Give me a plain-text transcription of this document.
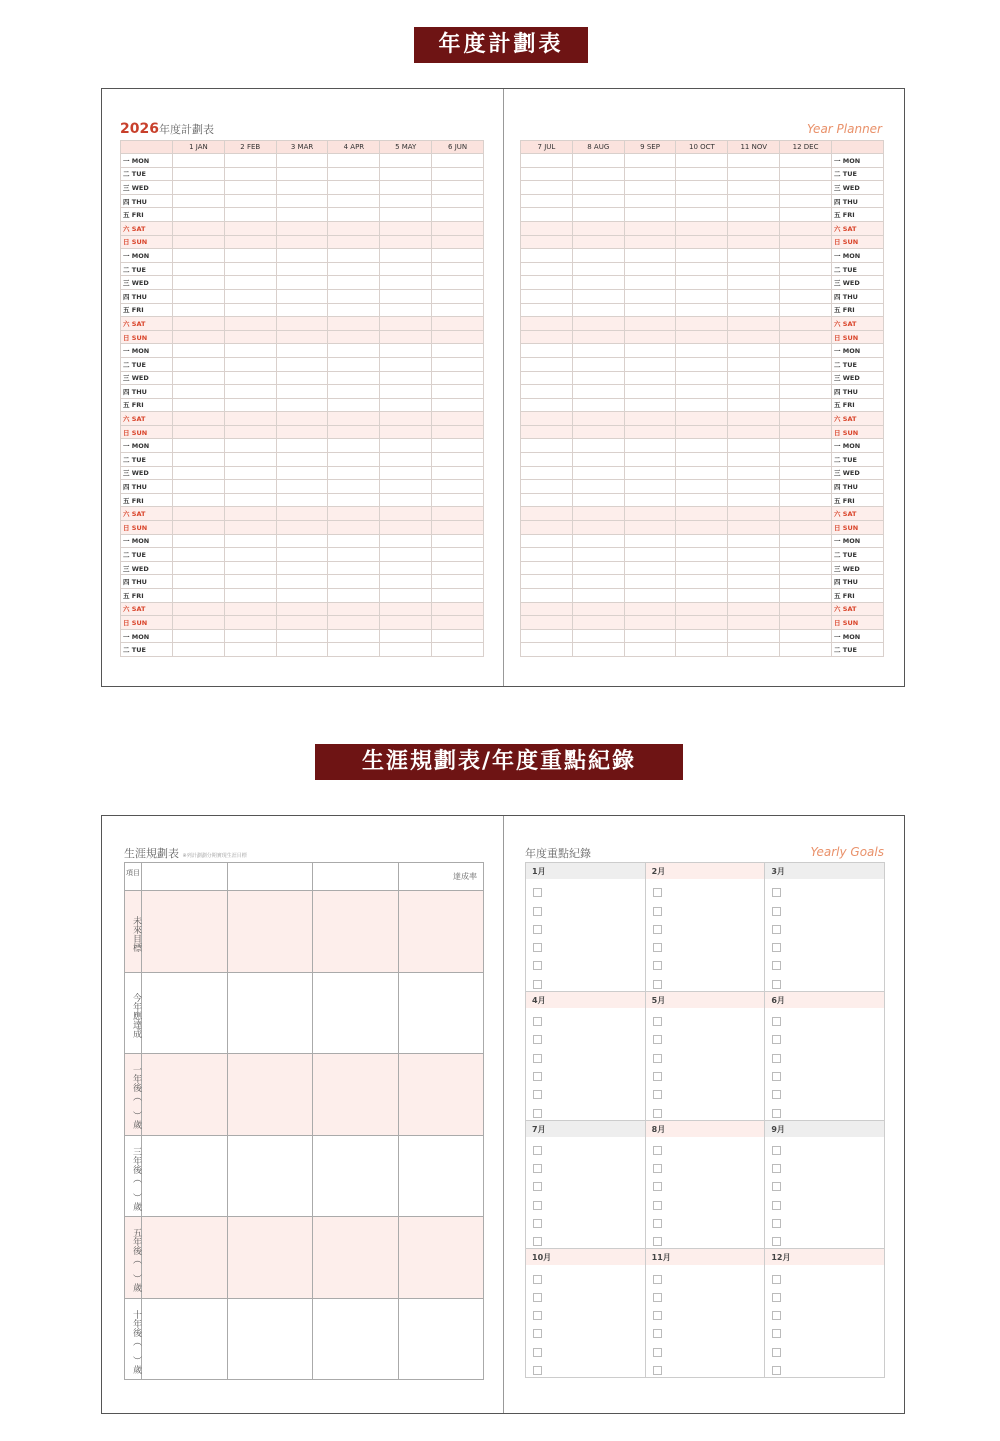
年度計劃表
2026年度計劃表	Year Planner
	1 JAN	2 FEB	3 MAR	4 APR	5 MAY	6 JUN
一 MON						
二 TUE						
三 WED						
四 THU						
五 FRI						
六 SAT						
日 SUN						
一 MON						
二 TUE						
三 WED						
四 THU						
五 FRI						
六 SAT						
日 SUN						
一 MON						
二 TUE						
三 WED						
四 THU						
五 FRI						
六 SAT						
日 SUN						
一 MON						
二 TUE						
三 WED						
四 THU						
五 FRI						
六 SAT						
日 SUN						
一 MON						
二 TUE						
三 WED						
四 THU						
五 FRI						
六 SAT						
日 SUN						
一 MON						
二 TUE						
7 JUL	8 AUG	9 SEP	10 OCT	11 NOV	12 DEC	
						一 MON
						二 TUE
						三 WED
						四 THU
						五 FRI
						六 SAT
						日 SUN
						一 MON
						二 TUE
						三 WED
						四 THU
						五 FRI
						六 SAT
						日 SUN
						一 MON
						二 TUE
						三 WED
						四 THU
						五 FRI
						六 SAT
						日 SUN
						一 MON
						二 TUE
						三 WED
						四 THU
						五 FRI
						六 SAT
						日 SUN
						一 MON
						二 TUE
						三 WED
						四 THU
						五 FRI
						六 SAT
						日 SUN
						一 MON
						二 TUE
生涯規劃表/年度重點紀錄
生涯規劃表 ※列計劃劃分期實現生涯目標
項目				達成率
未來目標				
今年應達成				
一年後（ ）歲				
三年後（ ）歲				
五年後（ ）歲				
十年後（ ）歲				
年度重點紀錄	Yearly Goals
1月	2月	3月

4月	5月	6月

7月	8月	9月

10月	11月	12月
